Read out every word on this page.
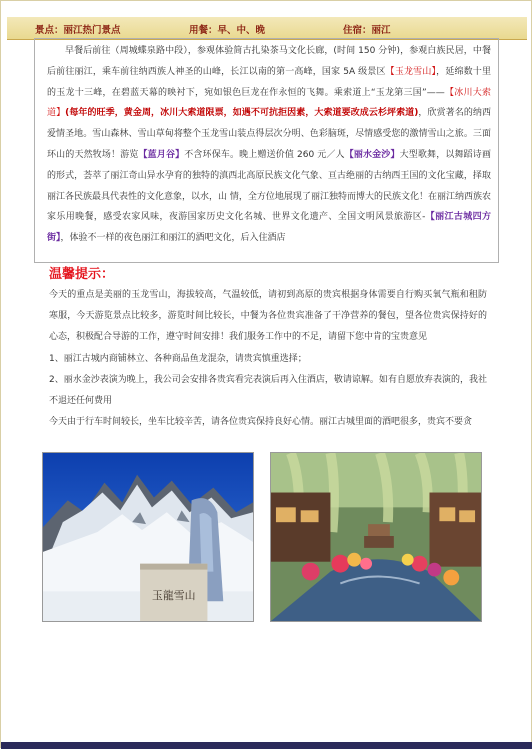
景点：丽江热门景点	用餐：早、中、晚	住宿：丽江
早餐后前往（周城蝶泉路中段），参观体验简古扎染茶马文化长廊，(时间 150 分钟)，参观白族民居，中餐后前往丽江，乘车前往纳西族人神圣的山峰，长江以南的第一高峰，国家 5A 级景区【玉龙雪山】，延绵数十里的玉龙十三峰，在碧蓝天幕的映衬下，宛如银色巨龙在作永恒的飞舞。乘索道上“玉龙第三国”——【冰川大索道】(每年的旺季，黄金周，冰川大索道限票，如遇不可抗拒因素，大索道要改成云杉坪索道)，欣赏著名的纳西爱情圣地。雪山森林、雪山草甸将整个玉龙雪山装点得层次分明、色彩脑斑，尽情感受您的激情雪山之旅。三面环山的天然牧场！游览【蓝月谷】不含环保车。晚上赠送价值 260 元／人【丽水金沙】大型歌舞，以舞蹈诗画的形式，荟萃了丽江奇山异水孕育的独特的滇西北高原民族文化气象、亘古绝丽的古纳西王国的文化宝藏，择取丽江各民族最具代表性的文化意象，以水，山 情，全方位地展现了丽江独特而博大的民族文化！在丽江纳西族农家乐用晚餐，感受农家风味，夜游国家历史文化名城、世界文化遗产、全国文明风景旅游区-【丽江古城四方街】，体验不一样的夜色丽江和丽江的酒吧文化，后入住酒店
温馨提示：

今天的重点是美丽的玉龙雪山，海拔较高，气温较低，请初到高原的贵宾根据身体需要自行购买氧气瓶和租防寒服，今天游览景点比较多，游览时间比较长，中餐为各位贵宾准备了干净营养的餐包，望各位贵宾保持好的心态，积极配合导游的工作，遵守时间安排！我们服务工作中的不足，请留下您中肯的宝贵意见

1、丽江古城内商铺林立、各种商品鱼龙混杂，请贵宾慎重选择；

2、丽水金沙表演为晚上，我公司会安排各贵宾看完表演后再入住酒店，敬请谅解。如有自愿放弃表演的，我社不退还任何费用

今天由于行车时间较长，坐车比较辛苦，请各位贵宾保持良好心情。丽江古城里面的酒吧很多，贵宾不要贪

玉龍雪山
